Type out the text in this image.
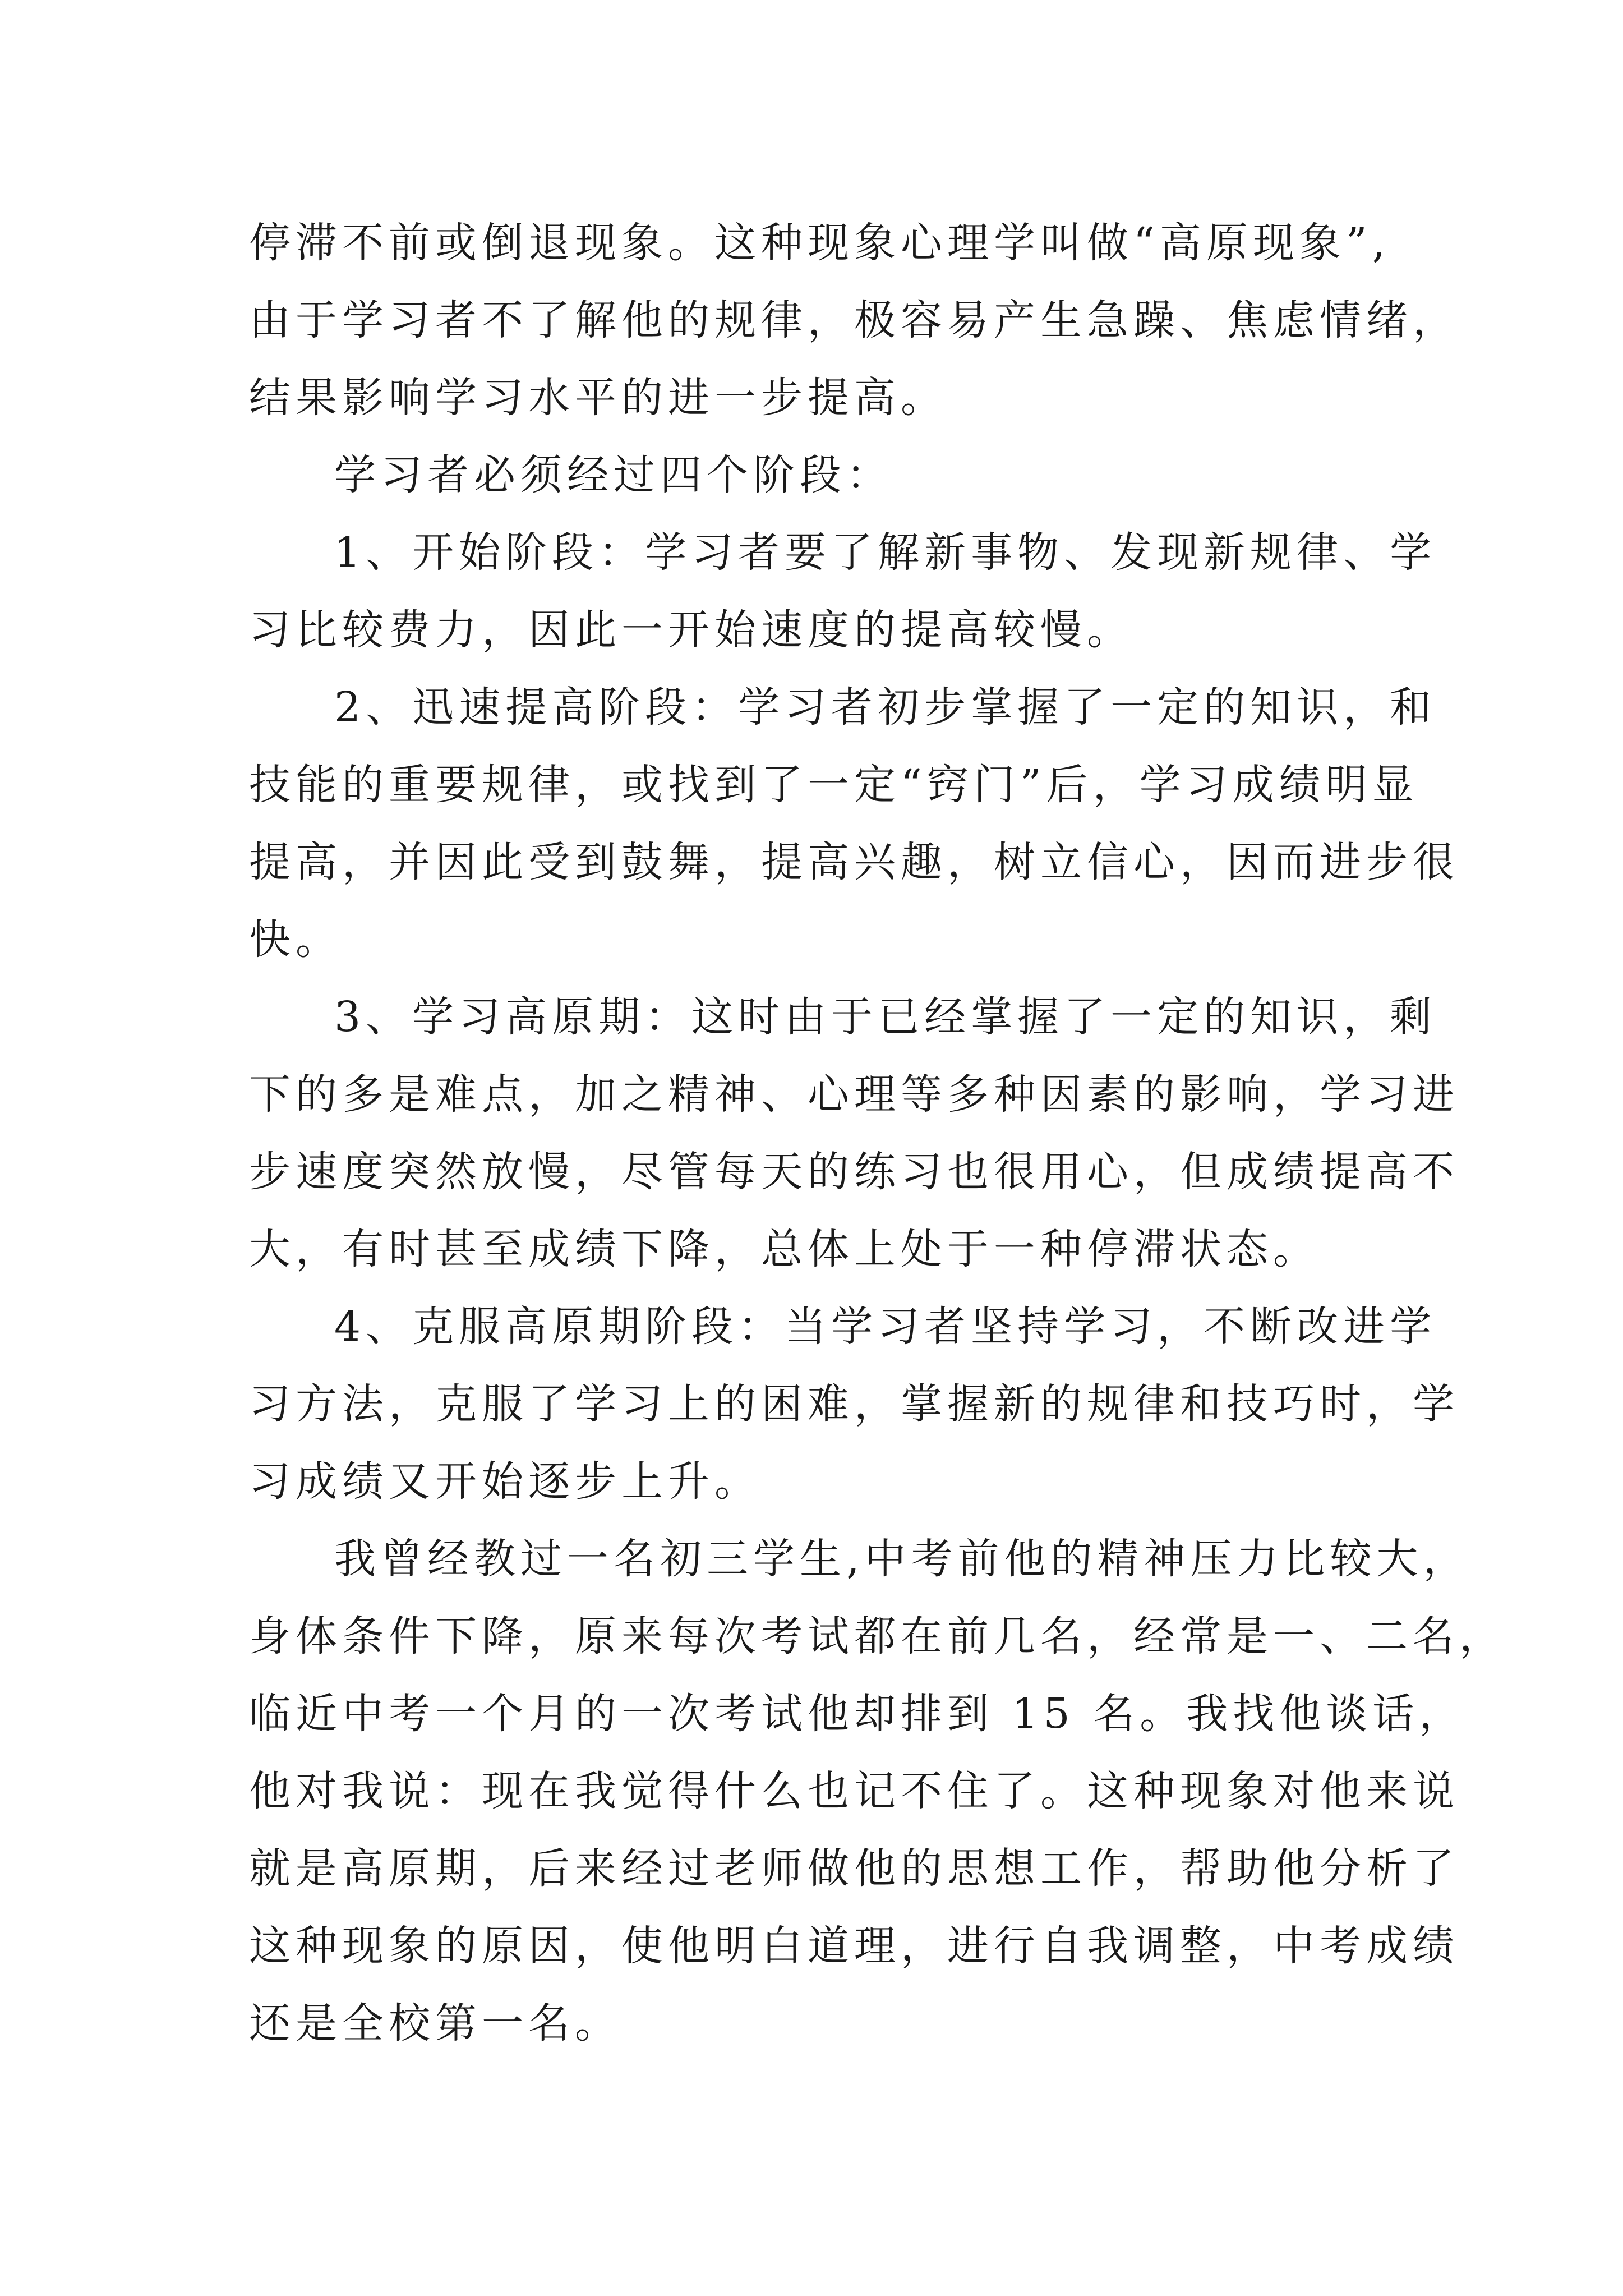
停滞不前或倒退现象。这种现象心理学叫做“高原现象”,
由于学习者不了解他的规律，极容易产生急躁、焦虑情绪，
结果影响学习水平的进一步提高。
学习者必须经过四个阶段：
1、开始阶段：学习者要了解新事物、发现新规律、学
习比较费力，因此一开始速度的提高较慢。
2、迅速提高阶段：学习者初步掌握了一定的知识，和
技能的重要规律，或找到了一定“窍门”后，学习成绩明显
提高，并因此受到鼓舞，提高兴趣，树立信心，因而进步很
快。
3、学习高原期：这时由于已经掌握了一定的知识，剩
下的多是难点，加之精神、心理等多种因素的影响，学习进
步速度突然放慢，尽管每天的练习也很用心，但成绩提高不
大，有时甚至成绩下降，总体上处于一种停滞状态。
4、克服高原期阶段：当学习者坚持学习，不断改进学
习方法，克服了学习上的困难，掌握新的规律和技巧时，学
习成绩又开始逐步上升。
我曾经教过一名初三学生,中考前他的精神压力比较大，
身体条件下降，原来每次考试都在前几名，经常是一、二名，
临近中考一个月的一次考试他却排到 15 名。我找他谈话，
他对我说：现在我觉得什么也记不住了。这种现象对他来说
就是高原期，后来经过老师做他的思想工作，帮助他分析了
这种现象的原因，使他明白道理，进行自我调整，中考成绩
还是全校第一名。
